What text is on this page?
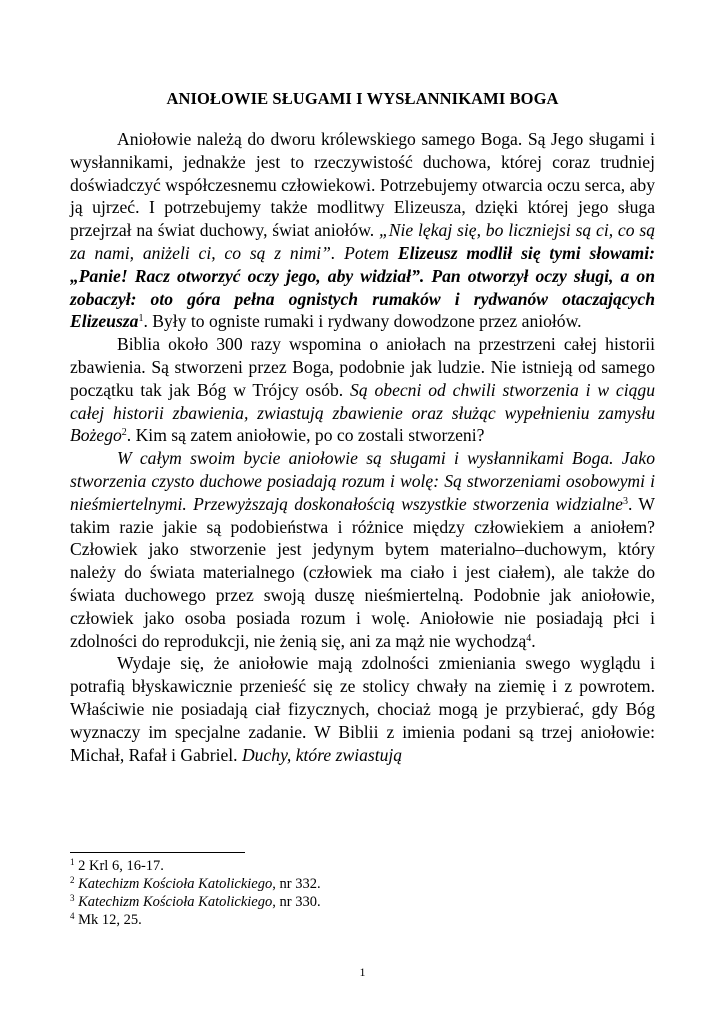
ANIOŁOWIE SŁUGAMI I WYSŁANNIKAMI BOGA

Aniołowie należą do dworu królewskiego samego Boga. Są Jego sługami i wysłannikami, jednakże jest to rzeczywistość duchowa, której coraz trudniej doświadczyć współczesnemu człowiekowi. Potrzebujemy otwarcia oczu serca, aby ją ujrzeć. I potrzebujemy także modlitwy Elizeusza, dzięki której jego sługa przejrzał na świat duchowy, świat aniołów. „Nie lękaj się, bo liczniejsi są ci, co są za nami, aniżeli ci, co są z nimi”. Potem Elizeusz modlił się tymi słowami: „Panie! Racz otworzyć oczy jego, aby widział”. Pan otworzył oczy sługi, a on zobaczył: oto góra pełna ognistych rumaków i rydwanów otaczających Elizeusza$^1$. Były to ogniste rumaki i rydwany dowodzone przez aniołów.

Biblia około 300 razy wspomina o aniołach na przestrzeni całej historii zbawienia. Są stworzeni przez Boga, podobnie jak ludzie. Nie istnieją od samego początku tak jak Bóg w Trójcy osób. Są obecni od chwili stworzenia i w ciągu całej historii zbawienia, zwiastują zbawienie oraz służąc wypełnieniu zamysłu Bożego$^2$. Kim są zatem aniołowie, po co zostali stworzeni?

W całym swoim bycie aniołowie są sługami i wysłannikami Boga. Jako stworzenia czysto duchowe posiadają rozum i wolę: Są stworzeniami osobowymi i nieśmiertelnymi. Przewyższają doskonałością wszystkie stworzenia widzialne$^3$. W takim razie jakie są podobieństwa i różnice między człowiekiem a aniołem? Człowiek jako stworzenie jest jedynym bytem materialno–duchowym, który należy do świata materialnego (człowiek ma ciało i jest ciałem), ale także do świata duchowego przez swoją duszę nieśmiertelną. Podobnie jak aniołowie, człowiek jako osoba posiada rozum i wolę. Aniołowie nie posiadają płci i zdolności do reprodukcji, nie żenią się, ani za mąż nie wychodzą$^4$.

Wydaje się, że aniołowie mają zdolności zmieniania swego wyglądu i potrafią błyskawicznie przenieść się ze stolicy chwały na ziemię i z powrotem. Właściwie nie posiadają ciał fizycznych, chociaż mogą je przybierać, gdy Bóg wyznaczy im specjalne zadanie. W Biblii z imienia podani są trzej aniołowie: Michał, Rafał i Gabriel. Duchy, które zwiastują

$^1$ 2 Krl 6, 16-17.
$^2$ Katechizm Kościoła Katolickiego, nr 332.
$^3$ Katechizm Kościoła Katolickiego, nr 330.
$^4$ Mk 12, 25.
1
